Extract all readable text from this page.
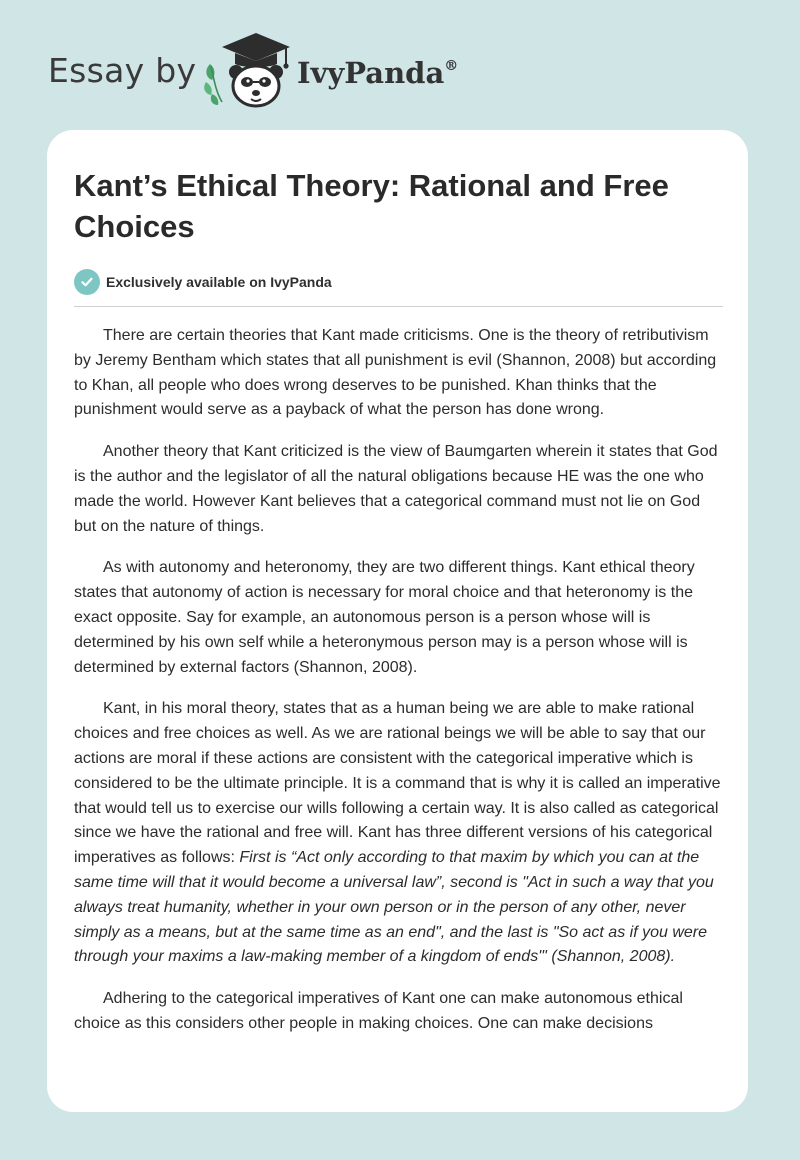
Essay by	IvyPanda®
Kant’s Ethical Theory: Rational and Free Choices
Exclusively available on IvyPanda

There are certain theories that Kant made criticisms. One is the theory of retributivism by Jeremy Bentham which states that all punishment is evil (Shannon, 2008) but according to Khan, all people who does wrong deserves to be punished. Khan thinks that the punishment would serve as a payback of what the person has done wrong.

Another theory that Kant criticized is the view of Baumgarten wherein it states that God is the author and the legislator of all the natural obligations because HE was the one who made the world. However Kant believes that a categorical command must not lie on God but on the nature of things.

As with autonomy and heteronomy, they are two different things. Kant ethical theory states that autonomy of action is necessary for moral choice and that heteronomy is the exact opposite. Say for example, an autonomous person is a person whose will is determined by his own self while a heteronymous person may is a person whose will is determined by external factors (Shannon, 2008).

Kant, in his moral theory, states that as a human being we are able to make rational choices and free choices as well. As we are rational beings we will be able to say that our actions are moral if these actions are consistent with the categorical imperative which is considered to be the ultimate principle. It is a command that is why it is called an imperative that would tell us to exercise our wills following a certain way. It is also called as categorical since we have the rational and free will. Kant has three different versions of his categorical imperatives as follows: First is “Act only according to that maxim by which you can at the same time will that it would become a universal law”, second is "Act in such a way that you always treat humanity, whether in your own person or in the person of any other, never simply as a means, but at the same time as an end", and the last is "So act as if you were through your maxims a law-making member of a kingdom of ends"' (Shannon, 2008).

Adhering to the categorical imperatives of Kant one can make autonomous ethical choice as this considers other people in making choices. One can make decisions
